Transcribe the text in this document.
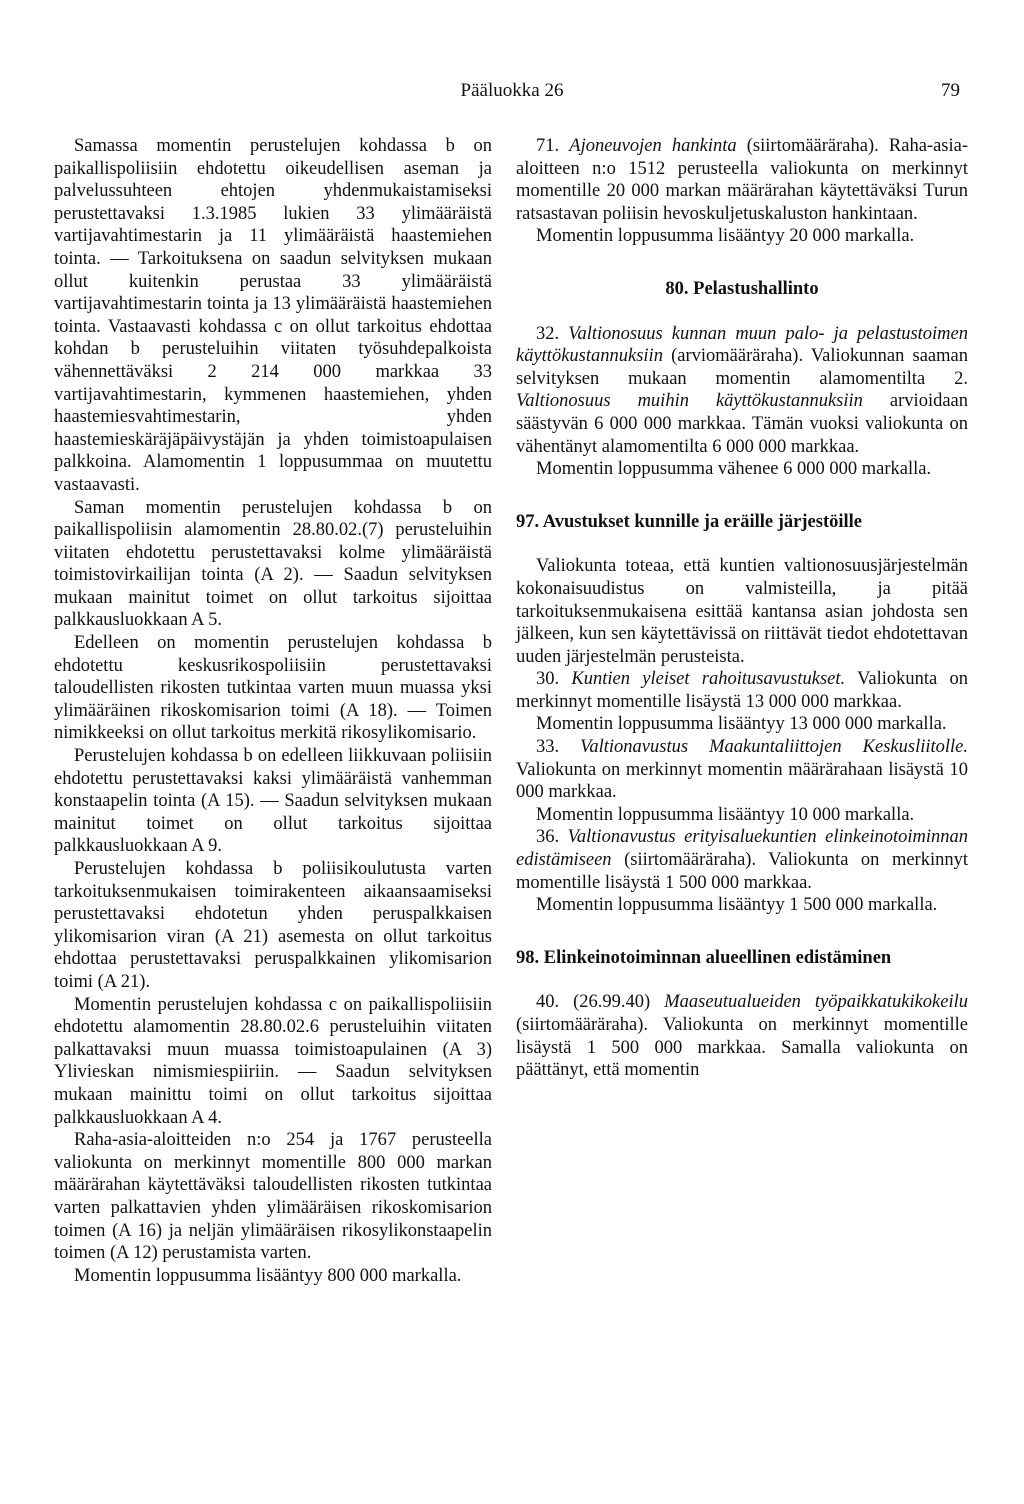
Pääluokka 26	79

Samassa momentin perustelujen kohdassa b on paikallispoliisiin ehdotettu oikeudellisen aseman ja palvelussuhteen ehtojen yhdenmukaistamiseksi perustettavaksi 1.3.1985 lukien 33 ylimääräistä vartijavahtimestarin ja 11 ylimääräistä haastemiehen tointa. — Tarkoituksena on saadun selvityksen mukaan ollut kuitenkin perustaa 33 ylimääräistä vartijavahtimestarin tointa ja 13 ylimääräistä haastemiehen tointa. Vastaavasti kohdassa c on ollut tarkoitus ehdottaa kohdan b perusteluihin viitaten työsuhdepalkoista vähennettäväksi 2 214 000 markkaa 33 vartijavahtimestarin, kymmenen haastemiehen, yhden haastemiesvahtimestarin, yhden haastemieskäräjäpäivystäjän ja yhden toimistoapulaisen palkkoina. Alamomentin 1 loppusummaa on muutettu vastaavasti.

Saman momentin perustelujen kohdassa b on paikallispoliisin alamomentin 28.80.02.(7) perusteluihin viitaten ehdotettu perustettavaksi kolme ylimääräistä toimistovirkailijan tointa (A 2). — Saadun selvityksen mukaan mainitut toimet on ollut tarkoitus sijoittaa palkkausluokkaan A 5.

Edelleen on momentin perustelujen kohdassa b ehdotettu keskusrikospoliisiin perustettavaksi taloudellisten rikosten tutkintaa varten muun muassa yksi ylimääräinen rikoskomisarion toimi (A 18). — Toimen nimikkeeksi on ollut tarkoitus merkitä rikosylikomisario.

Perustelujen kohdassa b on edelleen liikkuvaan poliisiin ehdotettu perustettavaksi kaksi ylimääräistä vanhemman konstaapelin tointa (A 15). — Saadun selvityksen mukaan mainitut toimet on ollut tarkoitus sijoittaa palkkausluokkaan A 9.

Perustelujen kohdassa b poliisikoulutusta varten tarkoituksenmukaisen toimirakenteen aikaansaamiseksi perustettavaksi ehdotetun yhden peruspalkkaisen ylikomisarion viran (A 21) asemesta on ollut tarkoitus ehdottaa perustettavaksi peruspalkkainen ylikomisarion toimi (A 21).

Momentin perustelujen kohdassa c on paikallispoliisiin ehdotettu alamomentin 28.80.02.6 perusteluihin viitaten palkattavaksi muun muassa toimistoapulainen (A 3) Ylivieskan nimismiespiiriin. — Saadun selvityksen mukaan mainittu toimi on ollut tarkoitus sijoittaa palkkausluokkaan A 4.

Raha-asia-aloitteiden n:o 254 ja 1767 perusteella valiokunta on merkinnyt momentille 800 000 markan määrärahan käytettäväksi taloudellisten rikosten tutkintaa varten palkattavien yhden ylimääräisen rikoskomisarion toimen (A 16) ja neljän ylimääräisen rikosylikonstaapelin toimen (A 12) perustamista varten.

Momentin loppusumma lisääntyy 800 000 markalla.

71. Ajoneuvojen hankinta (siirtomääräraha). Raha-asia-aloitteen n:o 1512 perusteella valiokunta on merkinnyt momentille 20 000 markan määrärahan käytettäväksi Turun ratsastavan poliisin hevoskuljetuskaluston hankintaan.

Momentin loppusumma lisääntyy 20 000 markalla.

80. Pelastushallinto

32. Valtionosuus kunnan muun palo- ja pelastustoimen käyttökustannuksiin (arviomääräraha). Valiokunnan saaman selvityksen mukaan momentin alamomentilta 2. Valtionosuus muihin käyttökustannuksiin arvioidaan säästyvän 6 000 000 markkaa. Tämän vuoksi valiokunta on vähentänyt alamomentilta 6 000 000 markkaa.

Momentin loppusumma vähenee 6 000 000 markalla.

97. Avustukset kunnille ja eräille järjestöille

Valiokunta toteaa, että kuntien valtionosuusjärjestelmän kokonaisuudistus on valmisteilla, ja pitää tarkoituksenmukaisena esittää kantansa asian johdosta sen jälkeen, kun sen käytettävissä on riittävät tiedot ehdotettavan uuden järjestelmän perusteista.

30. Kuntien yleiset rahoitusavustukset. Valiokunta on merkinnyt momentille lisäystä 13 000 000 markkaa.

Momentin loppusumma lisääntyy 13 000 000 markalla.

33. Valtionavustus Maakuntaliittojen Keskusliitolle. Valiokunta on merkinnyt momentin määrärahaan lisäystä 10 000 markkaa.

Momentin loppusumma lisääntyy 10 000 markalla.

36. Valtionavustus erityisaluekuntien elinkeinotoiminnan edistämiseen (siirtomääräraha). Valiokunta on merkinnyt momentille lisäystä 1 500 000 markkaa.

Momentin loppusumma lisääntyy 1 500 000 markalla.

98. Elinkeinotoiminnan alueellinen edistäminen

40. (26.99.40) Maaseutualueiden työpaikkatukikokeilu (siirtomääräraha). Valiokunta on merkinnyt momentille lisäystä 1 500 000 markkaa. Samalla valiokunta on päättänyt, että momentin
